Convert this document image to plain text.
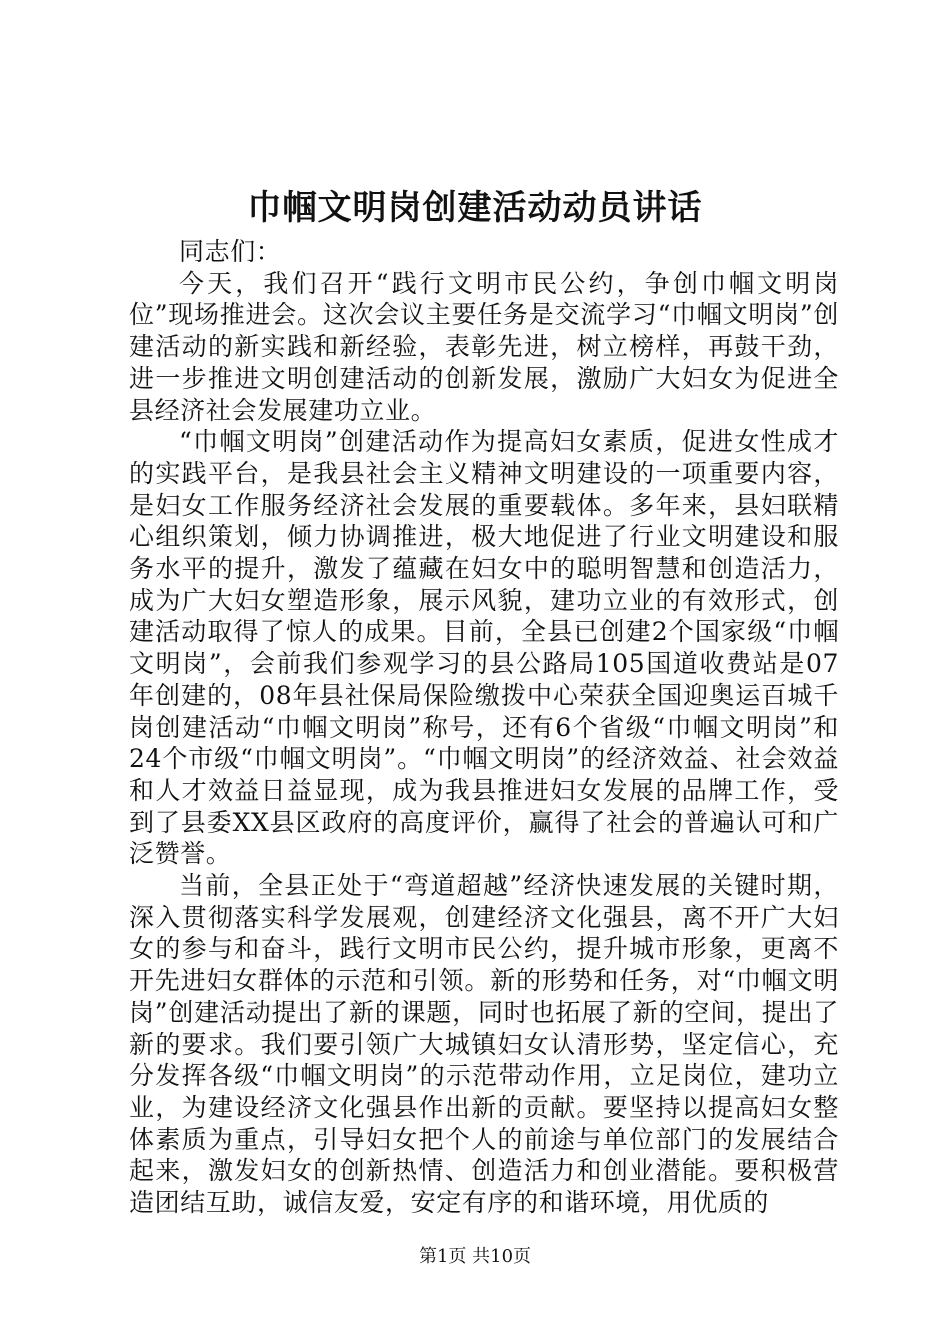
巾帼文明岗创建活动动员讲话

同志们：

今天，我们召开“践行文明市民公约，争创巾帼文明岗位”现场推进会。这次会议主要任务是交流学习“巾帼文明岗”创建活动的新实践和新经验，表彰先进，树立榜样，再鼓干劲，进一步推进文明创建活动的创新发展，激励广大妇女为促进全县经济社会发展建功立业。

“巾帼文明岗”创建活动作为提高妇女素质，促进女性成才的实践平台，是我县社会主义精神文明建设的一项重要内容，是妇女工作服务经济社会发展的重要载体。多年来，县妇联精心组织策划，倾力协调推进，极大地促进了行业文明建设和服务水平的提升，激发了蕴藏在妇女中的聪明智慧和创造活力，成为广大妇女塑造形象，展示风貌，建功立业的有效形式，创建活动取得了惊人的成果。目前，全县已创建2个国家级“巾帼文明岗”，会前我们参观学习的县公路局105国道收费站是07年创建的，08年县社保局保险缴拨中心荣获全国迎奥运百城千岗创建活动“巾帼文明岗”称号，还有6个省级“巾帼文明岗”和24个市级“巾帼文明岗”。“巾帼文明岗”的经济效益、社会效益和人才效益日益显现，成为我县推进妇女发展的品牌工作，受到了县委XX县区政府的高度评价，赢得了社会的普遍认可和广泛赞誉。

当前，全县正处于“弯道超越”经济快速发展的关键时期，深入贯彻落实科学发展观，创建经济文化强县，离不开广大妇女的参与和奋斗，践行文明市民公约，提升城市形象，更离不开先进妇女群体的示范和引领。新的形势和任务，对“巾帼文明岗”创建活动提出了新的课题，同时也拓展了新的空间，提出了新的要求。我们要引领广大城镇妇女认清形势，坚定信心，充分发挥各级“巾帼文明岗”的示范带动作用，立足岗位，建功立业，为建设经济文化强县作出新的贡献。要坚持以提高妇女整体素质为重点，引导妇女把个人的前途与单位部门的发展结合起来，激发妇女的创新热情、创造活力和创业潜能。要积极营造团结互助，诚信友爱，安定有序的和谐环境，用优质的

第1页 共10页
